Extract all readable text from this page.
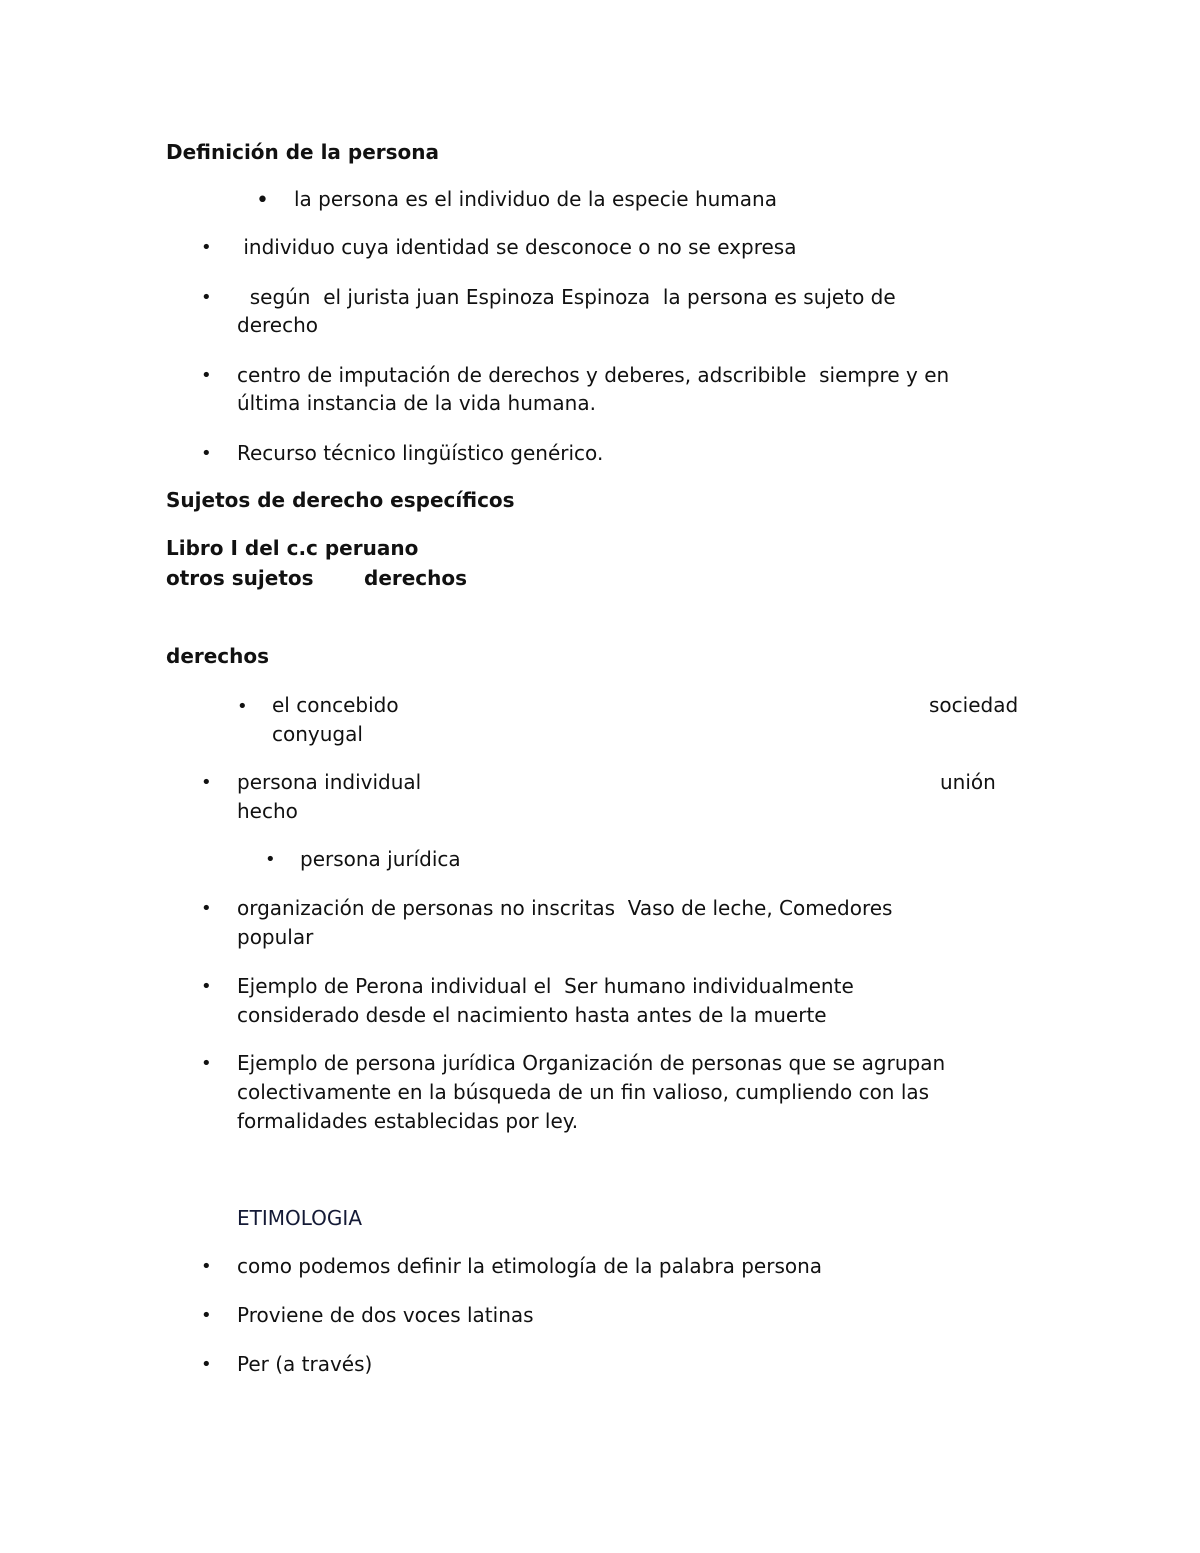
Definición de la persona
• la persona es el individuo de la especie humana
• individuo cuya identidad se desconoce o no se expresa
• según  el jurista juan Espinoza Espinoza  la persona es sujeto de
derecho
• centro de imputación de derechos y deberes, adscribible  siempre y en
última instancia de la vida humana.
• Recurso técnico lingüístico genérico.
Sujetos de derecho específicos
Libro I del c.c peruano
otros sujetos	derechos
derechos
• el concebido	sociedad
conyugal
• persona individual	unión
hecho
• persona jurídica
• organización de personas no inscritas  Vaso de leche, Comedores
popular
• Ejemplo de Perona individual el  Ser humano individualmente
considerado desde el nacimiento hasta antes de la muerte
• Ejemplo de persona jurídica Organización de personas que se agrupan
colectivamente en la búsqueda de un fin valioso, cumpliendo con las
formalidades establecidas por ley.
ETIMOLOGIA
• como podemos definir la etimología de la palabra persona
• Proviene de dos voces latinas
• Per (a través)
